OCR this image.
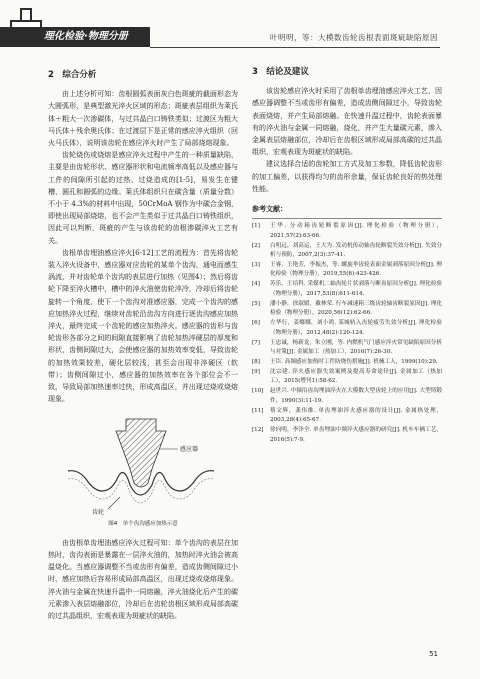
理化检验·物理分册	叶明明，等：大模数齿轮齿根表面斑疵缺陷原因
2　综合分析

由上述分析可知：齿根圆弧表面灰白色斑疵的截面形态为大圆弧形，是典型激光淬火区域的形态；斑疵表层组织为莱氏体＋粗大一次渗碳体，与过共晶白口铸铁类似；过渡区为粗大马氏体＋残余奥氏体；在过渡层下是正常的感应淬火组织（回火马氏体），说明该齿轮在感应淬火时产生了局部烧熔现象。

齿轮烧伤或烧熔是感应淬火过程中产生的一种质量缺陷，主要是由齿轮形状、感应器形状和电流频率高低以及感应器与工件的间隙所引起的过热、过烧造成的[1-5]，易发生在键槽、圆孔和圆弧的边缘。莱氏体组织只在碳含量（质量分数）不小于 4.3%的材料中出现，50CrMoA 钢作为中碳合金钢，即使出现局部烧熔，也不会产生类似于过共晶白口铸铁组织，因此可以判断，斑疵的产生与该齿轮的齿根渗碳淬火工艺有关。

齿根单齿埋油感应淬火[6-12]工艺的流程为：首先将齿轮装入淬火设备中，感应器对应齿轮的某单个齿沟，通电而感生涡流，并对齿轮单个齿沟的表层进行加热（见图4）；然后将齿轮下降至淬火槽中，槽中的淬火油使齿轮淬冷，冷却后将齿轮旋转一个角度，使下一个齿沟对准感应器，完成一个齿沟的感应加热淬火过程，继续对齿轮沿齿沟方向进行逐齿沟感应加热淬火，最终完成一个齿轮的感应加热淬火。感应器的齿形与齿轮齿形各部分之间的间隙直接影响了齿轮加热淬硬层的厚度和形状，齿侧间隙过大，会使感应器的加热效率变低，导致齿轮的加热效果较差，硬化层较浅，甚至会出现非淬硬区（软带）；齿侧间隙过小，感应器的加热效率在各个部位会不一致，导致局部加热速率过快，形成高温区，并出现过烧或烧熔现象。

感应器
齿轮
图4　单个齿沟感应加热示意

由齿根单齿埋油感应淬火过程可知：单个齿沟的表层在加热时，齿沟表面是暴露在一层淬火油的，加热时淬火油会被高温烧化。当感应器调整不当或齿形有偏差，造成齿侧间隙过小时，感应加热后容易形成局部高温区，出现过烧或烧熔现象。淬火油与金属在快速升温中一同熔融，淬火油烧化后产生的碳元素渗入表层熔融部位，冷却后在齿轮齿根区域形成局部高碳的过共晶组织，宏观表现为斑疵状的缺陷。

3　结论及建议

该齿轮感应淬火时采用了齿根单齿埋油感应淬火工艺，因感应器调整不当或齿形有偏差，造成齿侧间隙过小，导致齿轮表面烧熔，并产生局部熔融。在快速升温过程中，齿轮表面暴有的淬火油与金属一同熔融，烧化，并产生大量碳元素，渗入金属表层熔融部位，冷却后在齿根区域形成局部高碳的过共晶组织，宏观表现为斑疵状的缺陷。

建议选择合适的齿轮加工方式及加工参数，降低齿轮齿形的加工偏差，以获得均匀的齿形余量，保证齿轮良好的热处理性能。

参考文献：
[1] 王华. 分动箱齿轮断裂原因[J]. 理化检验（物理分册），2021,57(2):63-66.
[2] 白明远，刘高运，王大为. 发动机传动轴齿轮断裂失效分析[J]. 失效分析与预防，2007,2(3):37-41.
[3] 王睿，王艳芳，李振杰，等. 螺旋伞齿轮表面金属剥落原因分析[J]. 理化检验（物理分册），2019,55(6):423-426.
[4] 苏乐，王培科. 采煤机二轴齿轮片状剥落与断齿原因分析[J]. 理化检验（物理分册），2017,53(8):611-614.
[5] 潘小静，徐淑媛，戴林荣. 行车减速箱三级齿轮轴齿断裂原因[J]. 理化检验（物理分册），2020,56(12):62-66.
[6] 左华行，姜娜娜，刘小鸿. 某城轨入齿轮疲劳失效分析[J]. 理化检验（物理分册），2012,48(2):120-124.
[7] 王忠诚，杨新龙，朱立刚，等. 内燃机气门感应淬火常见缺陷原因分析与对策[J]. 金属加工（热加工），2016(7):26-30.
[8] 王臣. 高频感应加热时工件防烧伤措施[J]. 机械工人，1999(10):29.
[9] 沈宗建. 淬火感应器失效案例及提高寿命途径[J]. 金属加工（热加工），2015(增刊1):58-62.
[10] 赵世兴. 中频沿齿沟埋油淬火在大模数大型齿轮上的应用[J]. 大型铸锻件，1990(3):11-19.
[11] 蔡文辉，龚伟维. 单齿埋油淬火感应器的设计[J]. 金属热处理，2003,28(4):65-67.
[12] 徐向明，李泽全. 单齿埋油中频淬火感应器的研究[J]. 机车车辆工艺，2016(5):7-9.
51
